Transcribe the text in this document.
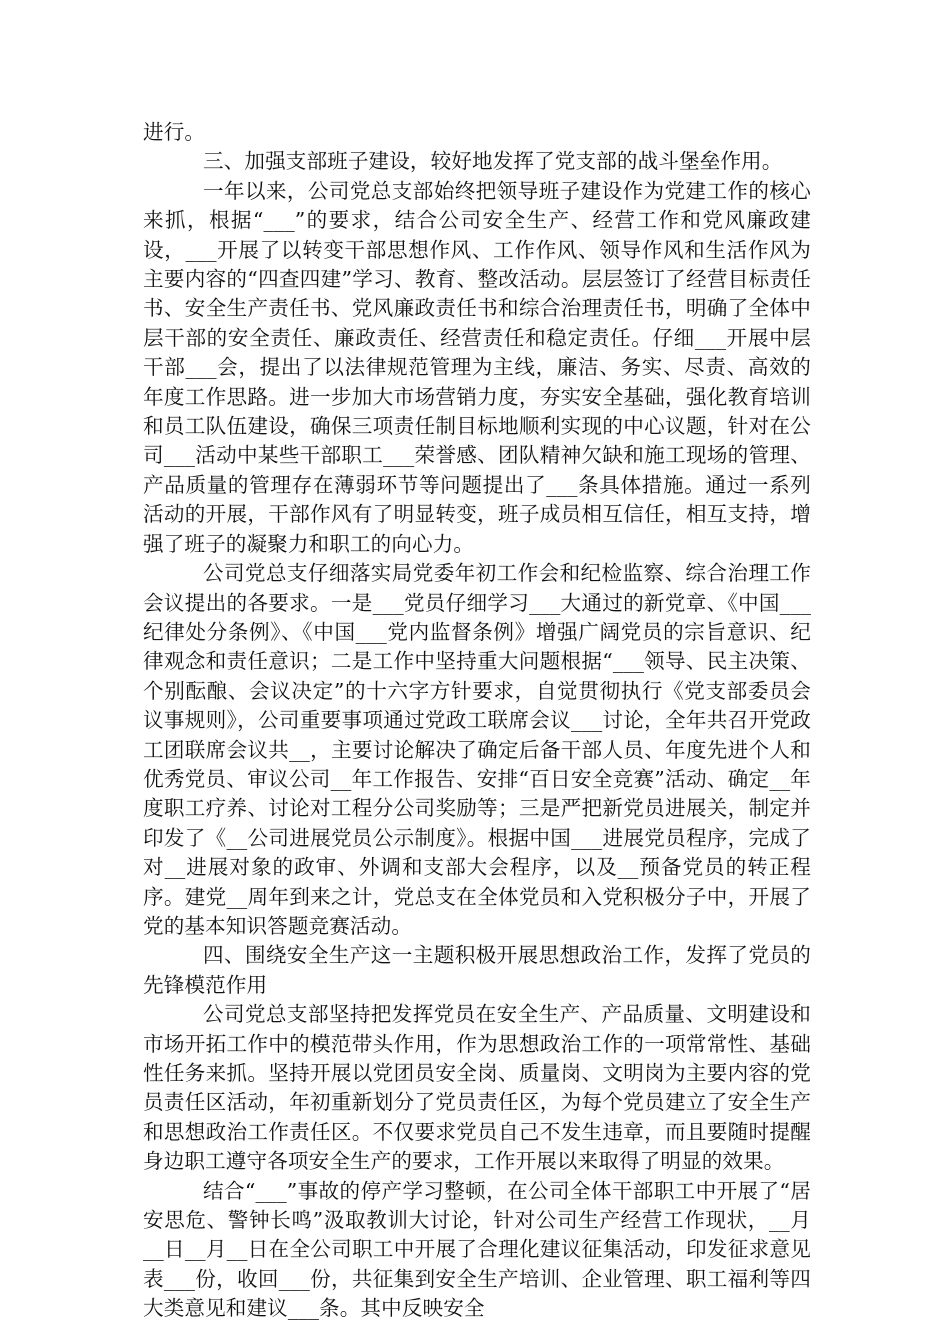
进行。

三、加强支部班子建设，较好地发挥了党支部的战斗堡垒作用。

一年以来，公司党总支部始终把领导班子建设作为党建工作的核心来抓，根据“___”的要求，结合公司安全生产、经营工作和党风廉政建设，___开展了以转变干部思想作风、工作作风、领导作风和生活作风为主要内容的“四查四建”学习、教育、整改活动。层层签订了经营目标责任书、安全生产责任书、党风廉政责任书和综合治理责任书，明确了全体中层干部的安全责任、廉政责任、经营责任和稳定责任。仔细___开展中层干部___会，提出了以法律规范管理为主线，廉洁、务实、尽责、高效的年度工作思路。进一步加大市场营销力度，夯实安全基础，强化教育培训和员工队伍建设，确保三项责任制目标地顺利实现的中心议题，针对在公司___活动中某些干部职工___荣誉感、团队精神欠缺和施工现场的管理、产品质量的管理存在薄弱环节等问题提出了___条具体措施。通过一系列活动的开展，干部作风有了明显转变，班子成员相互信任，相互支持，增强了班子的凝聚力和职工的向心力。

公司党总支仔细落实局党委年初工作会和纪检监察、综合治理工作会议提出的各要求。一是___党员仔细学习___大通过的新党章、《中国___纪律处分条例》、《中国___党内监督条例》增强广阔党员的宗旨意识、纪律观念和责任意识；二是工作中坚持重大问题根据“___领导、民主决策、个别酝酿、会议决定”的十六字方针要求，自觉贯彻执行《党支部委员会议事规则》，公司重要事项通过党政工联席会议___讨论，全年共召开党政工团联席会议共__，主要讨论解决了确定后备干部人员、年度先进个人和优秀党员、审议公司__年工作报告、安排“百日安全竞赛”活动、确定__年度职工疗养、讨论对工程分公司奖励等；三是严把新党员进展关，制定并印发了《__公司进展党员公示制度》。根据中国___进展党员程序，完成了对__进展对象的政审、外调和支部大会程序，以及__预备党员的转正程序。建党__周年到来之计，党总支在全体党员和入党积极分子中，开展了党的基本知识答题竞赛活动。

四、围绕安全生产这一主题积极开展思想政治工作，发挥了党员的先锋模范作用

公司党总支部坚持把发挥党员在安全生产、产品质量、文明建设和市场开拓工作中的模范带头作用，作为思想政治工作的一项常常性、基础性任务来抓。坚持开展以党团员安全岗、质量岗、文明岗为主要内容的党员责任区活动，年初重新划分了党员责任区，为每个党员建立了安全生产和思想政治工作责任区。不仅要求党员自己不发生违章，而且要随时提醒身边职工遵守各项安全生产的要求，工作开展以来取得了明显的效果。

结合“___”事故的停产学习整顿，在公司全体干部职工中开展了“居安思危、警钟长鸣”汲取教训大讨论，针对公司生产经营工作现状，__月__日__月__日在全公司职工中开展了合理化建议征集活动，印发征求意见表___份，收回___份，共征集到安全生产培训、企业管理、职工福利等四大类意见和建议___条。其中反映安全
